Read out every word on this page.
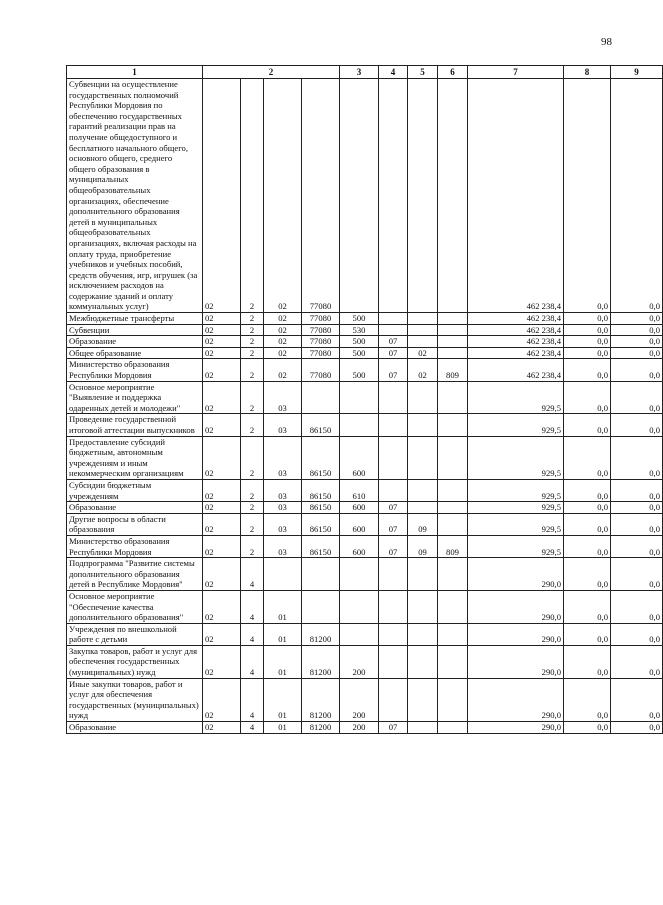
98
1	2				3	4	5	6	7	8	9
Субвенции на осуществление государственных полномочий Республики Мордовия по обеспечению государственных гарантий реализации прав на получение общедоступного и бесплатного начального общего, основного общего, среднего общего образования в муниципальных общеобразовательных организациях, обеспечение дополнительного образования детей в муниципальных общеобразовательных организациях, включая расходы на оплату труда, приобретение учебников и учебных пособий, средств обучения, игр, игрушек (за исключением расходов на содержание зданий и оплату коммунальных услуг)	02	2	02	77080					462 238,4	0,0	0,0
Межбюджетные трансферты	02	2	02	77080	500				462 238,4	0,0	0,0
Субвенции	02	2	02	77080	530				462 238,4	0,0	0,0
Образование	02	2	02	77080	500	07			462 238,4	0,0	0,0
Общее образование	02	2	02	77080	500	07	02		462 238,4	0,0	0,0
Министерство образования Республики Мордовия	02	2	02	77080	500	07	02	809	462 238,4	0,0	0,0
Основное мероприятие "Выявление и поддержка одаренных детей и молодежи"	02	2	03						929,5	0,0	0,0
Проведение государственной итоговой аттестации выпускников	02	2	03	86150					929,5	0,0	0,0
Предоставление субсидий бюджетным, автономным учреждениям и иным некоммерческим организациям	02	2	03	86150	600				929,5	0,0	0,0
Субсидии бюджетным учреждениям	02	2	03	86150	610				929,5	0,0	0,0
Образование	02	2	03	86150	600	07			929,5	0,0	0,0
Другие вопросы в области образования	02	2	03	86150	600	07	09		929,5	0,0	0,0
Министерство образования Республики Мордовия	02	2	03	86150	600	07	09	809	929,5	0,0	0,0
Подпрограмма "Развитие системы дополнительного образования детей в Республике Мордовия"	02	4							290,0	0,0	0,0
Основное мероприятие "Обеспечение качества дополнительного образования"	02	4	01						290,0	0,0	0,0
Учреждения по внешкольной работе с детьми	02	4	01	81200					290,0	0,0	0,0
Закупка товаров, работ и услуг для обеспечения государственных (муниципальных) нужд	02	4	01	81200	200				290,0	0,0	0,0
Иные закупки товаров, работ и услуг для обеспечения государственных (муниципальных) нужд	02	4	01	81200	200				290,0	0,0	0,0
Образование	02	4	01	81200	200	07			290,0	0,0	0,0
